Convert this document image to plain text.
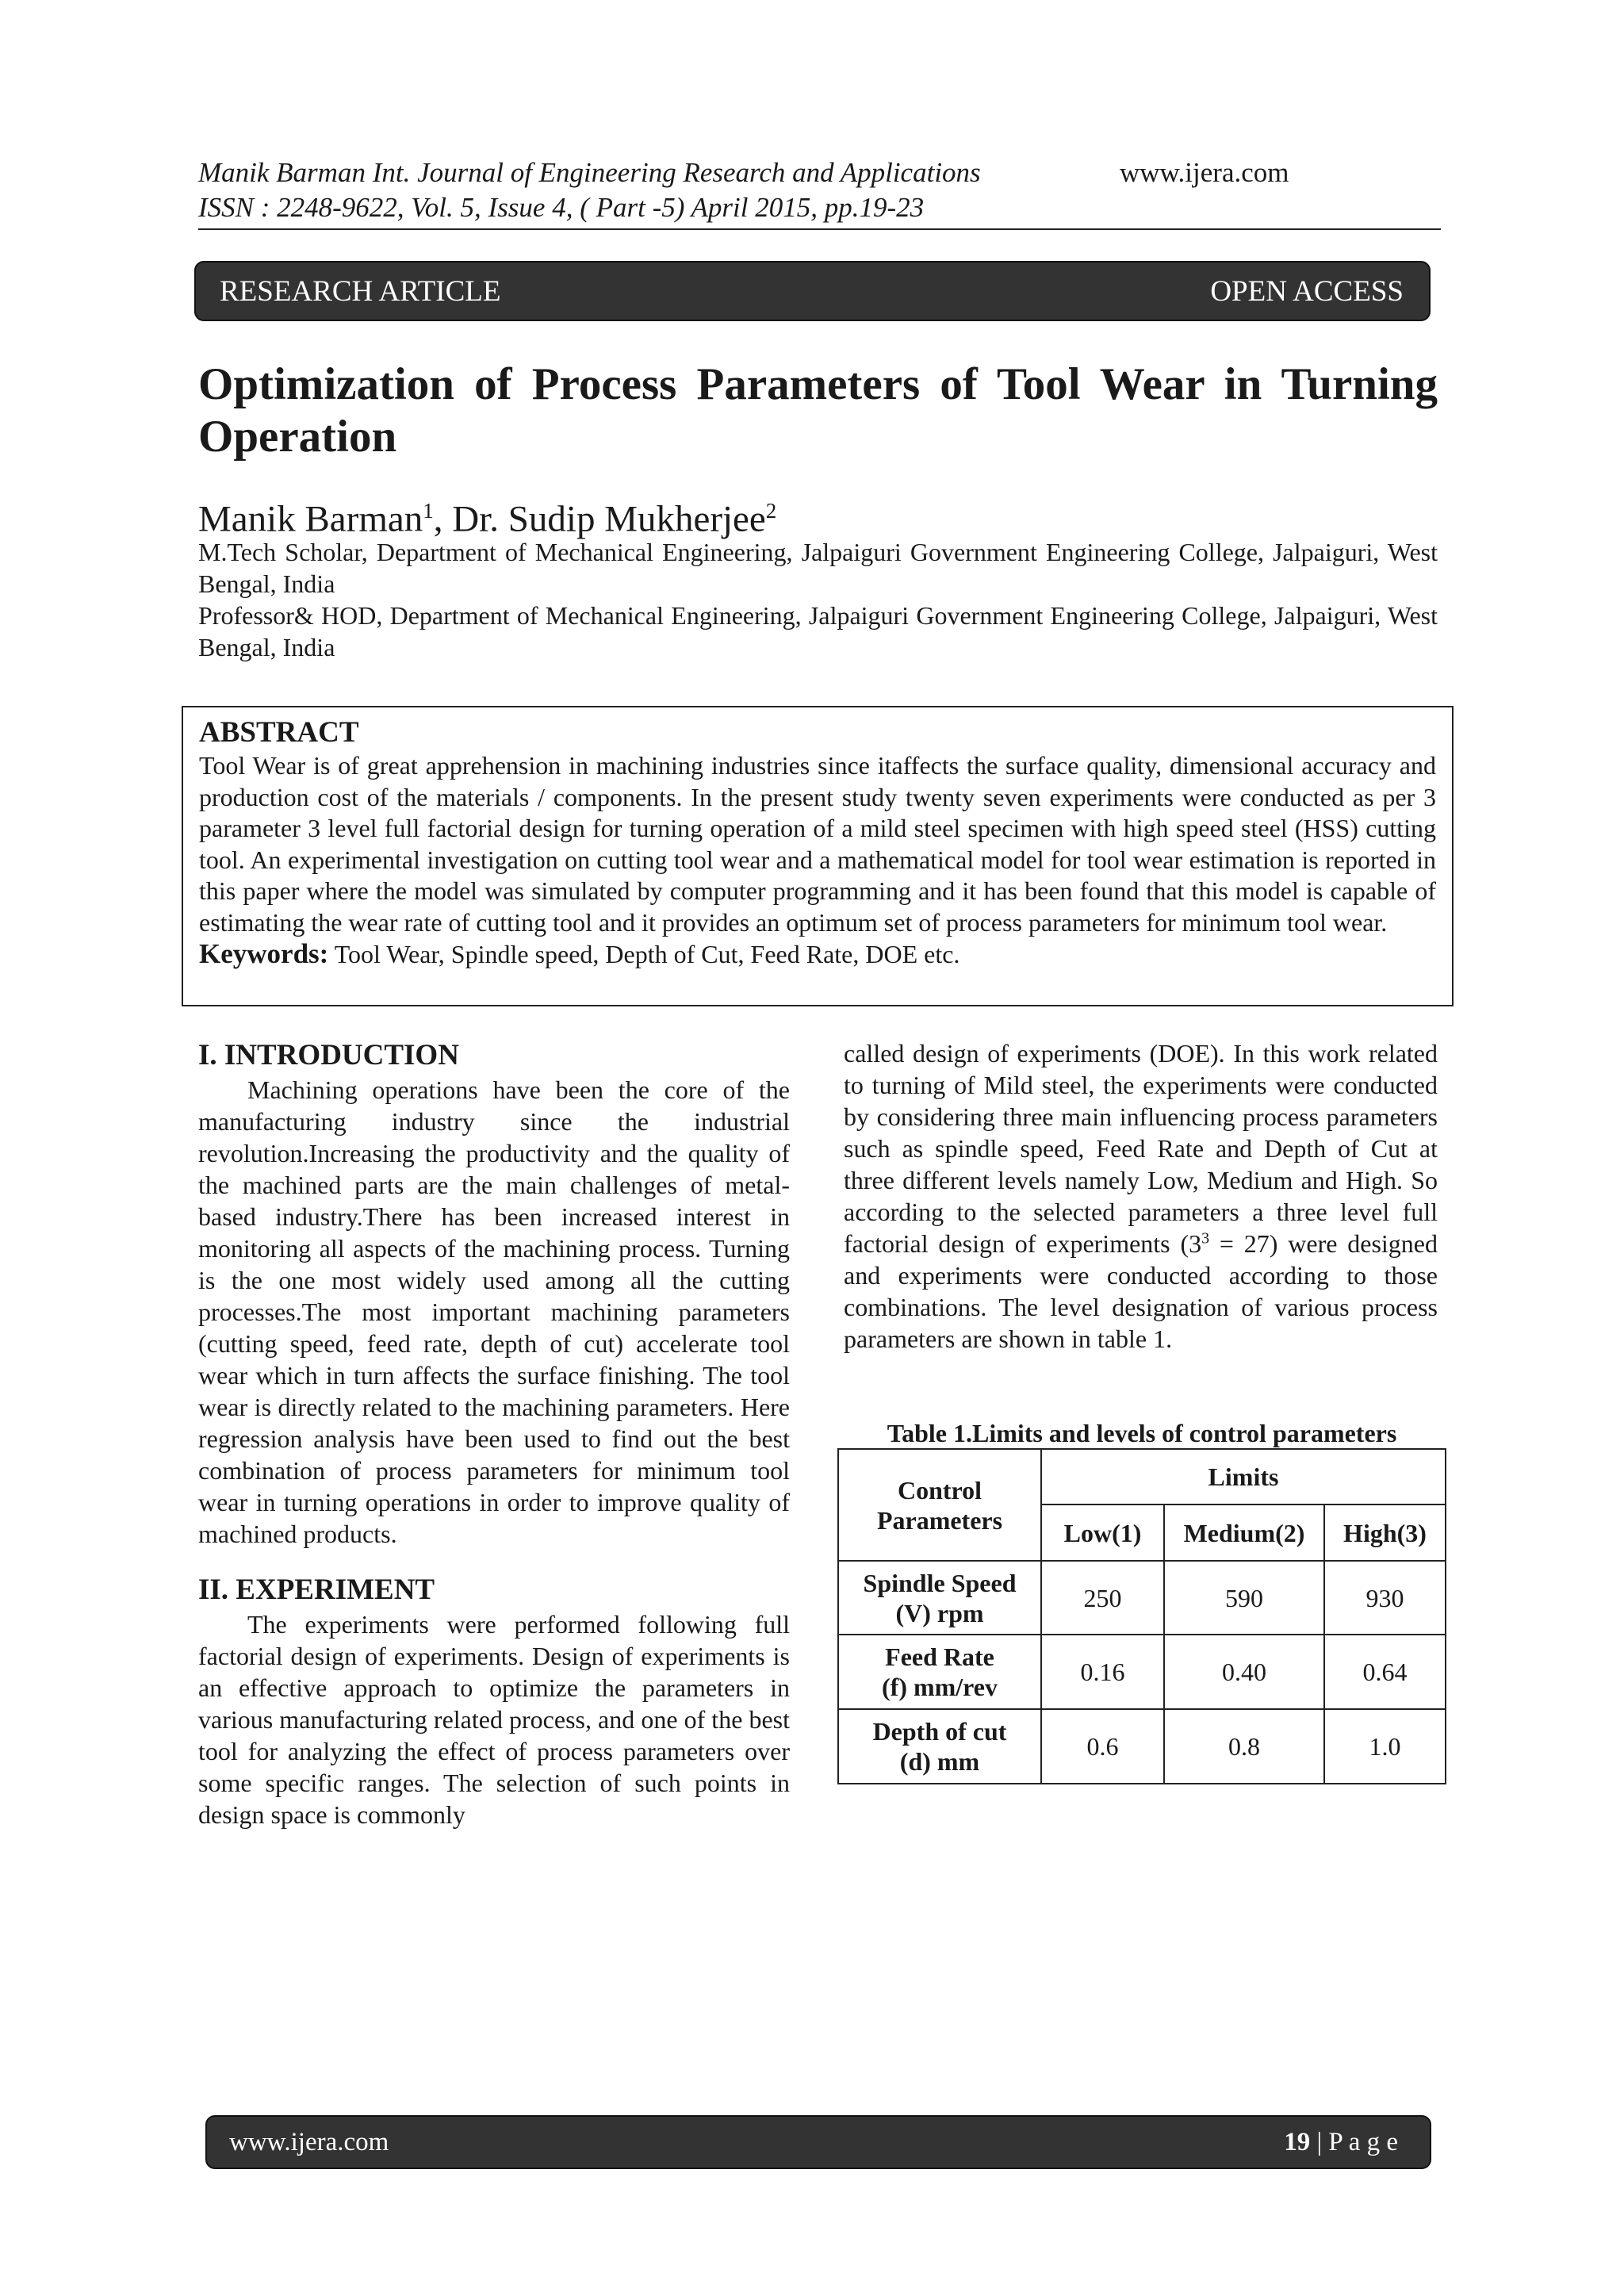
Manik Barman Int. Journal of Engineering Research and Applications	www.ijera.com
ISSN : 2248-9622, Vol. 5, Issue 4, ( Part -5) April 2015, pp.19-23
RESEARCH ARTICLE	OPEN ACCESS
Optimization of Process Parameters of Tool Wear in Turning Operation
Manik Barman$^1$, Dr. Sudip Mukherjee$^2$
M.Tech Scholar, Department of Mechanical Engineering, Jalpaiguri Government Engineering College, Jalpaiguri, West Bengal, India
Professor& HOD, Department of Mechanical Engineering, Jalpaiguri Government Engineering College, Jalpaiguri, West Bengal, India
ABSTRACT
Tool Wear is of great apprehension in machining industries since itaffects the surface quality, dimensional accuracy and production cost of the materials / components. In the present study twenty seven experiments were conducted as per 3 parameter 3 level full factorial design for turning operation of a mild steel specimen with high speed steel (HSS) cutting tool. An experimental investigation on cutting tool wear and a mathematical model for tool wear estimation is reported in this paper where the model was simulated by computer programming and it has been found that this model is capable of estimating the wear rate of cutting tool and it provides an optimum set of process parameters for minimum tool wear.
Keywords: Tool Wear, Spindle speed, Depth of Cut, Feed Rate, DOE etc.
I. INTRODUCTION

Machining operations have been the core of the manufacturing industry since the industrial revolution.Increasing the productivity and the quality of the machined parts are the main challenges of metal-based industry.There has been increased interest in monitoring all aspects of the machining process. Turning is the one most widely used among all the cutting processes.The most important machining parameters (cutting speed, feed rate, depth of cut) accelerate tool wear which in turn affects the surface finishing. The tool wear is directly related to the machining parameters. Here regression analysis have been used to find out the best combination of process parameters for minimum tool wear in turning operations in order to improve quality of machined products.

II. EXPERIMENT

The experiments were performed following full factorial design of experiments. Design of experiments is an effective approach to optimize the parameters in various manufacturing related process, and one of the best tool for analyzing the effect of process parameters over some specific ranges. The selection of such points in design space is commonly

called design of experiments (DOE). In this work related to turning of Mild steel, the experiments were conducted by considering three main influencing process parameters such as spindle speed, Feed Rate and Depth of Cut at three different levels namely Low, Medium and High. So according to the selected parameters a three level full factorial design of experiments $(3^3 = 27)$ were designed and experiments were conducted according to those combinations. The level designation of various process parameters are shown in table 1.

Table 1.Limits and levels of control parameters
Control Parameters	Limits		
	Low(1)	Medium(2)	High(3)
Spindle Speed
(V) rpm	250	590	930
Feed Rate
(f) mm/rev	0.16	0.40	0.64
Depth of cut
(d) mm	0.6	0.8	1.0
www.ijera.com	19 | P a g e
